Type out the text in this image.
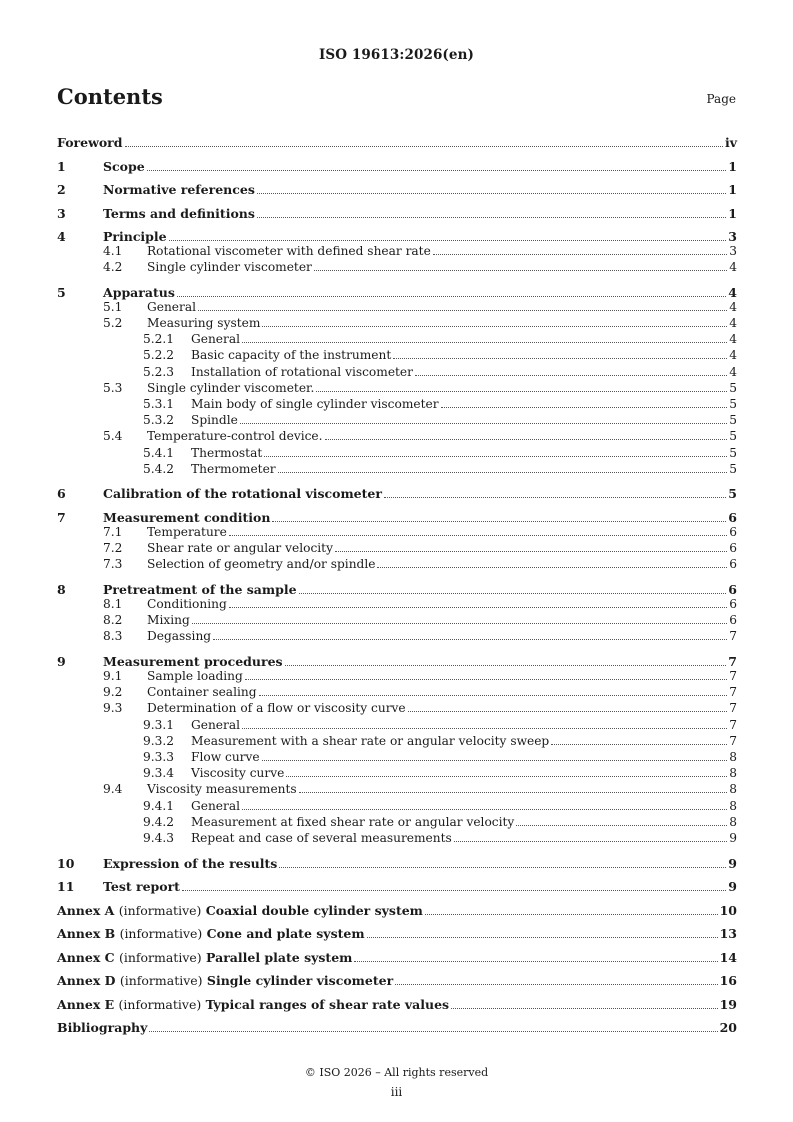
ISO 19613:2026(en)
Contents	Page
Foreword	iv
1	Scope	1
2	Normative references	1
3	Terms and definitions	1
4	Principle	3
4.1	Rotational viscometer with defined shear rate	3
4.2	Single cylinder viscometer	4
5	Apparatus	4
5.1	General	4
5.2	Measuring system	4
5.2.1	General	4
5.2.2	Basic capacity of the instrument	4
5.2.3	Installation of rotational viscometer	4
5.3	Single cylinder viscometer.	5
5.3.1	Main body of single cylinder viscometer	5
5.3.2	Spindle	5
5.4	Temperature-control device.	5
5.4.1	Thermostat	5
5.4.2	Thermometer	5
6	Calibration of the rotational viscometer	5
7	Measurement condition	6
7.1	Temperature	6
7.2	Shear rate or angular velocity	6
7.3	Selection of geometry and/or spindle	6
8	Pretreatment of the sample	6
8.1	Conditioning	6
8.2	Mixing	6
8.3	Degassing	7
9	Measurement procedures	7
9.1	Sample loading	7
9.2	Container sealing	7
9.3	Determination of a flow or viscosity curve	7
9.3.1	General	7
9.3.2	Measurement with a shear rate or angular velocity sweep	7
9.3.3	Flow curve	8
9.3.4	Viscosity curve	8
9.4	Viscosity measurements	8
9.4.1	General	8
9.4.2	Measurement at fixed shear rate or angular velocity	8
9.4.3	Repeat and case of several measurements	9
10	Expression of the results	9
11	Test report	9
Annex A (informative) Coaxial double cylinder system	10
Annex B (informative) Cone and plate system	13
Annex C (informative) Parallel plate system	14
Annex D (informative) Single cylinder viscometer	16
Annex E (informative) Typical ranges of shear rate values	19
Bibliography	20
© ISO 2026 – All rights reserved
iii
